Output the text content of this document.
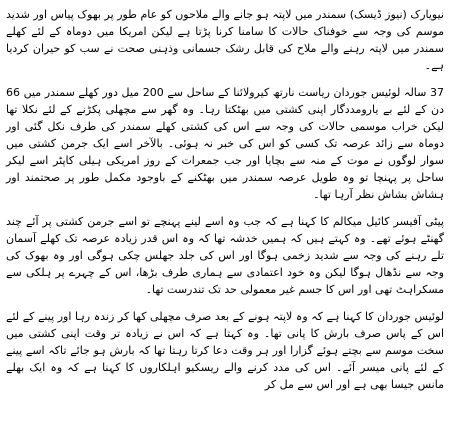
نیویارک (نیوز ڈیسک) سمندر میں لاپتہ ہو جانے والے ملاحوں کو عام طور پر بھوک پیاس اور شدید موسم کی وجہ سے خوفناک حالات کا سامنا کرنا پڑتا ہے لیکن امریکا میں دوماہ کے لئے کھلے سمندر میں لاپتہ رہنے والے ملاح کی قابل رشک جسمانی وذہنی صحت نے سب کو حیران کردیا ہے۔

37 سالہ لوئیس جوردان ریاست نارتھ کیرولائنا کے ساحل سے 200 میل دور کھلے سمندر میں 66 دن کے لئے بے یارومددگار اپنی کشتی میں بھٹکتا رہا۔ وہ گھر سے مچھلی پکڑنے کے لئے نکلا تھا لیکن خراب موسمی حالات کی وجہ سے اس کی کشتی کھلے سمندر کی طرف نکل گئی اور دوماہ سے زائد عرصہ تک کسی کو اس کی خبر نہ ہوئی۔ بالآخر اسے ایک جرمن کشتی میں سوار لوگوں نے موت کے منہ سے بچایا اور جب جمعرات کے روز امریکی ہیلی کاپٹر اسے لیکر ساحل پر پہنچا تو وہ طویل عرصہ سمندر میں بھٹکنے کے باوجود مکمل طور پر صحتمند اور ہشاش بشاش نظر آرہا تھا۔

پیٹی آفیسر کائیل میکالم کا کہنا ہے کہ جب وہ اسے لینے پہنچے تو اسے جرمن کشتی پر آئے چند گھنٹے ہوئے تھے۔ وہ کہتے ہیں کہ ہمیں خدشہ تھا کہ وہ اس قدر زیادہ عرصہ تک کھلے آسمان تلے رہنے کی وجہ سے شدید زخمی ہوگا اور اس کی جلد جھلس چکی ہوگی اور وہ بھوک کی وجہ سے نڈھال ہوگا لیکن وہ خود اعتمادی سے ہماری طرف بڑھا، اس کے چہرے پر ہلکی سے مسکراہٹ تھی اور اس کا جسم غیر معمولی حد تک تندرست تھا۔

لوئیس جوردان کا کہنا ہے کہ وہ لاپتہ ہونے کے بعد صرف مچھلی کھا کر زندہ رہا اور پینے کے لئے اس کے پاس صرف بارش کا پانی تھا۔ وہ کہتا ہے کہ اس نے زیادہ تر وقت اپنی کشتی میں سخت موسم سے بچتے ہوئے گزارا اور ہر وقت دعا کرتا رہتا تھا کہ بارش ہو جائے تاکہ اسے پینے کے لئے پانی میسر آئے۔ اس کی مدد کرنے والے ریسکیو اہلکاروں کا کہنا ہے کہ وہ ایک بھلے مانس جیسا بھی ہے اور اس سے مل کر
